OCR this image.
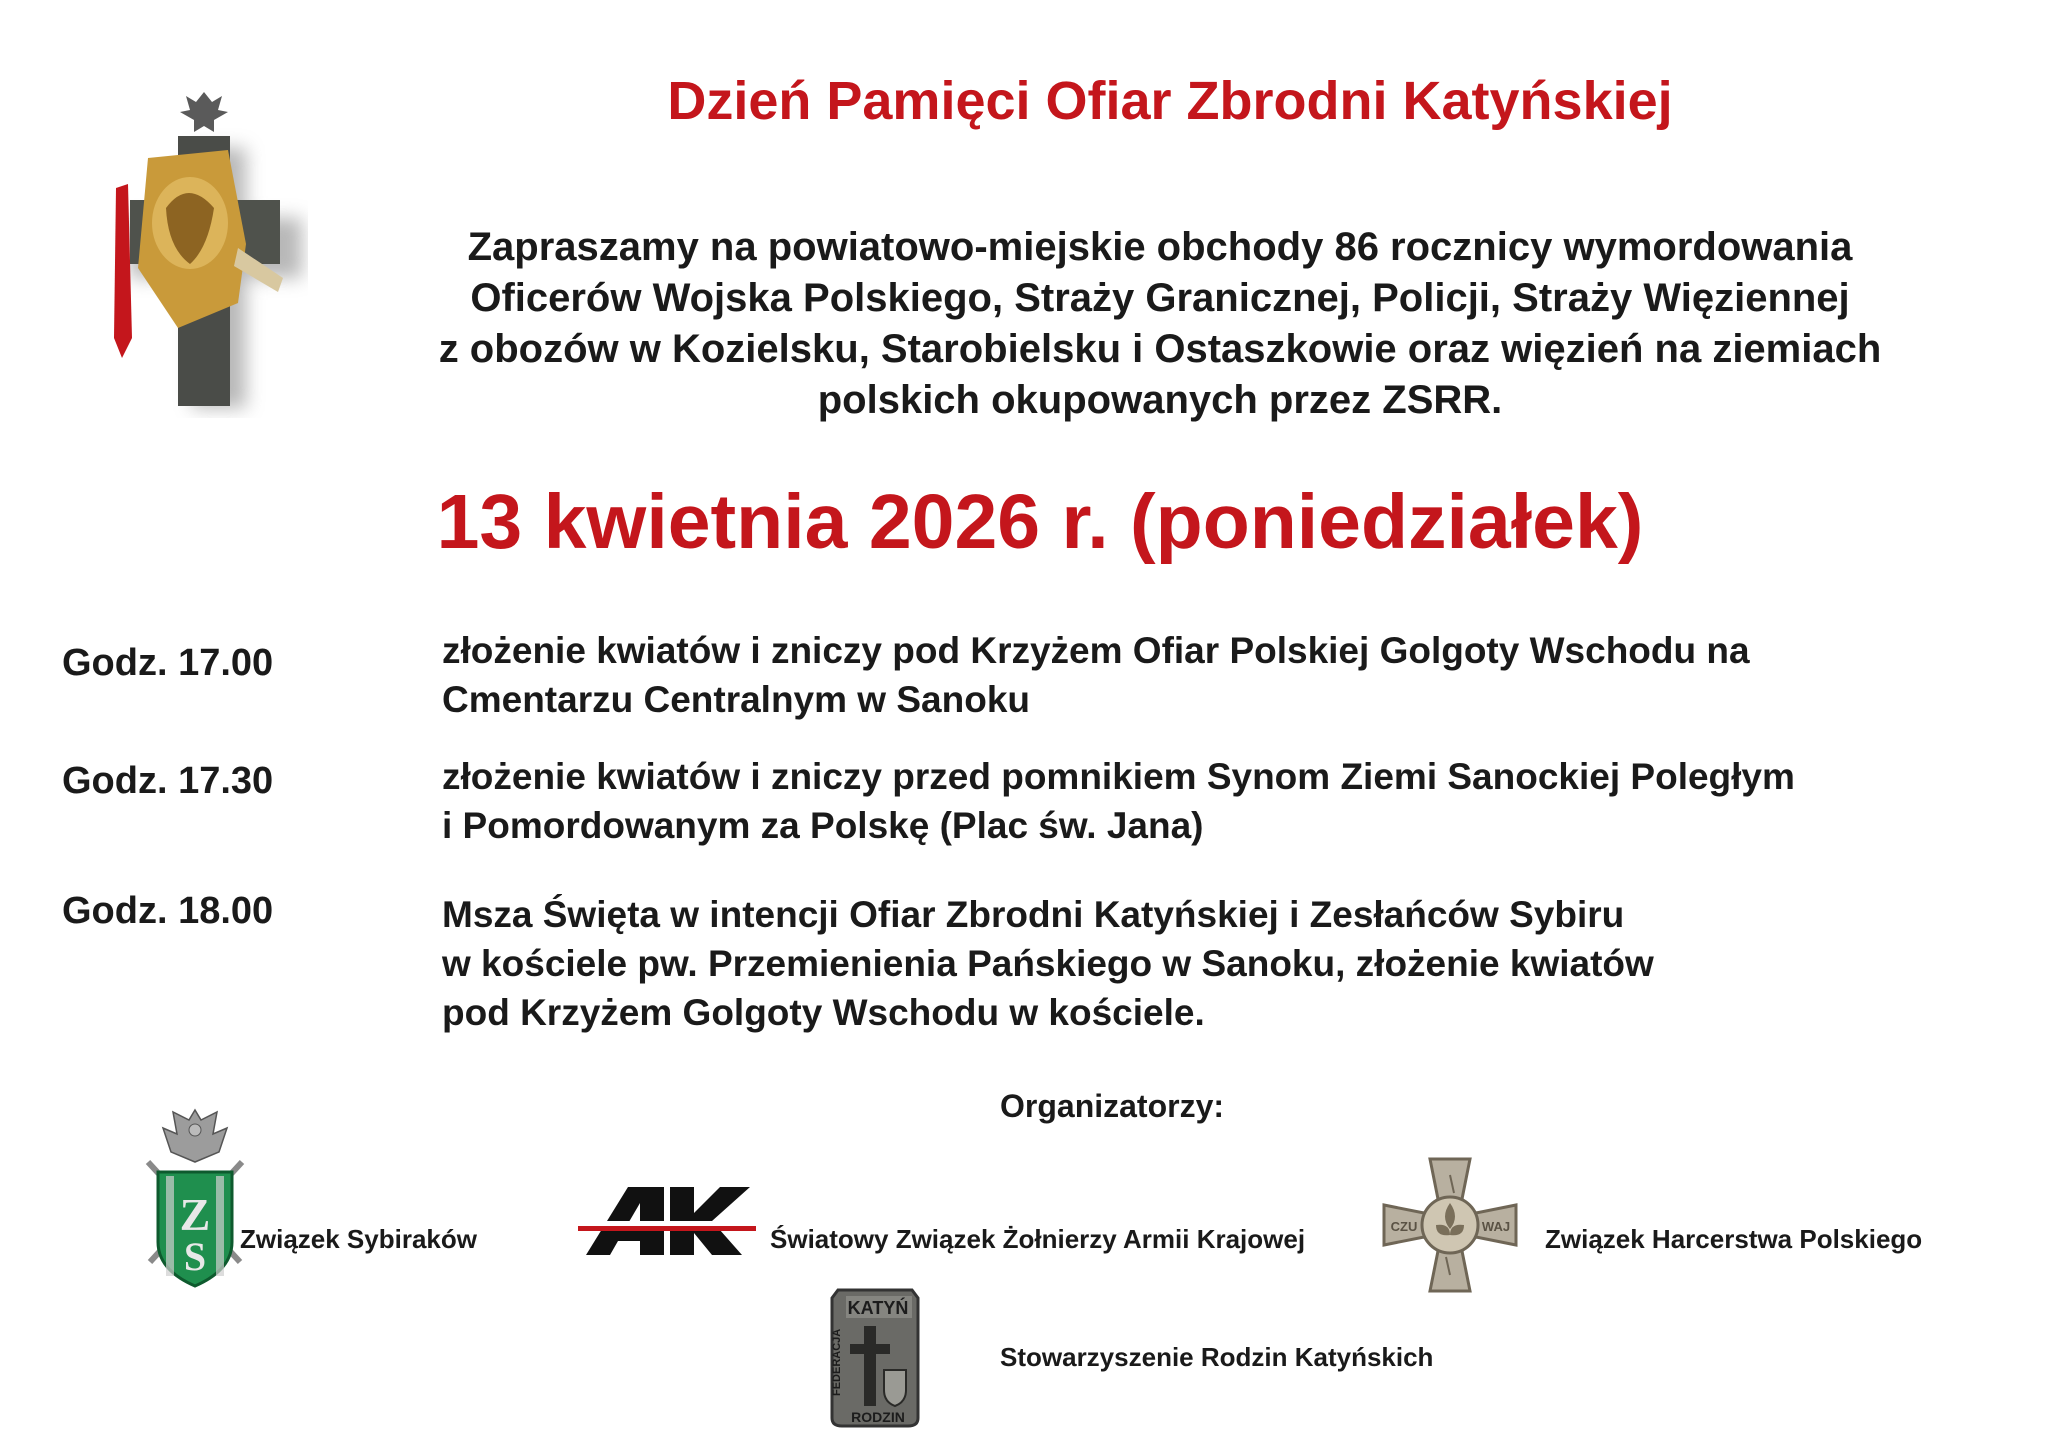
Dzień Pamięci Ofiar Zbrodni Katyńskiej
Zapraszamy na powiatowo-miejskie obchody 86 rocznicy wymordowania
Oficerów Wojska Polskiego, Straży Granicznej, Policji, Straży Więziennej
z obozów w Kozielsku, Starobielsku i Ostaszkowie oraz więzień na ziemiach
polskich okupowanych przez ZSRR.
13 kwietnia 2026 r. (poniedziałek)
Godz. 17.00	złożenie kwiatów i zniczy pod Krzyżem Ofiar Polskiej Golgoty Wschodu na
Cmentarzu Centralnym w Sanoku
Godz. 17.30	złożenie kwiatów i zniczy przed pomnikiem Synom Ziemi Sanockiej Poległym
i Pomordowanym za Polskę (Plac św. Jana)
Godz. 18.00	Msza Święta w intencji Ofiar Zbrodni Katyńskiej i Zesłańców Sybiru
w kościele pw. Przemienienia Pańskiego w Sanoku, złożenie kwiatów
pod Krzyżem Golgoty Wschodu w kościele.
Organizatorzy:
Z
S Związek Sybiraków	Światowy Związek Żołnierzy Armii Krajowej	CZU	WAJ Związek Harcerstwa Polskiego
KATYŃ
FEDERACJA
RODZIN
Stowarzyszenie Rodzin Katyńskich
